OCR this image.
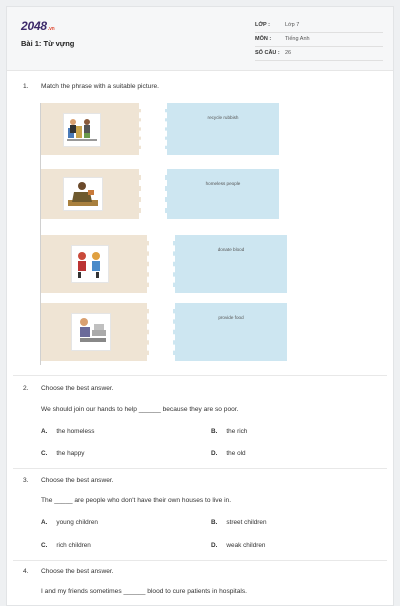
2048.vn
Bài 1: Từ vựng
LỚP :	Lớp 7
MÔN :	Tiếng Anh
SỐ CÂU : 26
1. Match the phrase with a suitable picture.
recycle rubbish
homeless people
donate blood
provide food
2. Choose the best answer.
We should join our hands to help ______ because they are so poor.
A. the homeless	B. the rich
C. the happy	D. the old
3. Choose the best answer.
The _____ are people who don't have their own houses to live in.
A. young children	B. street children
C. rich children	D. weak children
4. Choose the best answer.
I and my friends sometimes ______ blood to cure patients in hospitals.
